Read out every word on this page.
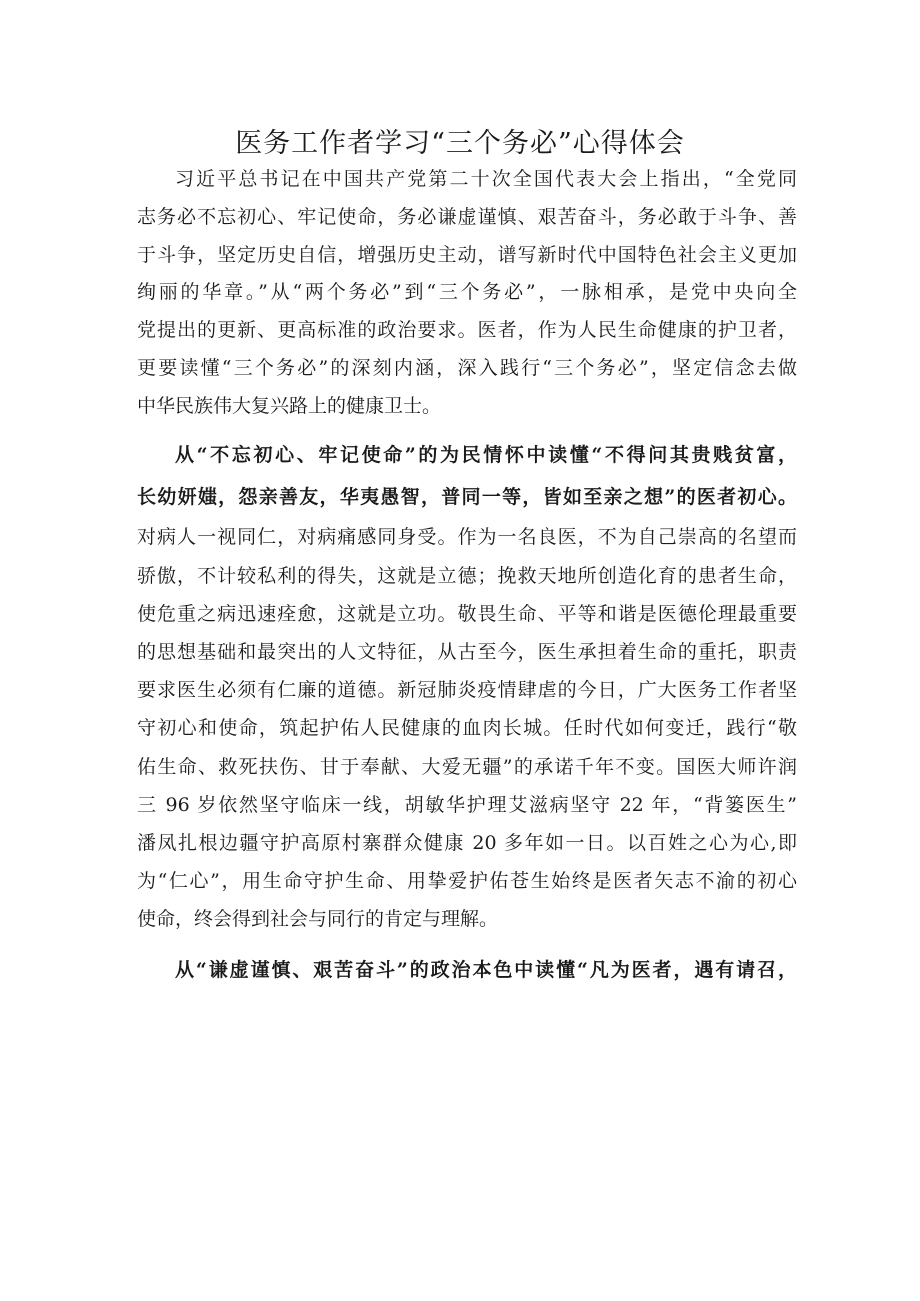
医务工作者学习“三个务必”心得体会
习近平总书记在中国共产党第二十次全国代表大会上指出，“全党同
志务必不忘初心、牢记使命，务必谦虚谨慎、艰苦奋斗，务必敢于斗争、善
于斗争，坚定历史自信，增强历史主动，谱写新时代中国特色社会主义更加
绚丽的华章。”从“两个务必”到“三个务必”，一脉相承，是党中央向全
党提出的更新、更高标准的政治要求。医者，作为人民生命健康的护卫者，
更要读懂“三个务必”的深刻内涵，深入践行“三个务必”，坚定信念去做
中华民族伟大复兴路上的健康卫士。
从“不忘初心、牢记使命”的为民情怀中读懂“不得问其贵贱贫富，
长幼妍媸，怨亲善友，华夷愚智，普同一等，皆如至亲之想”的医者初心。
对病人一视同仁，对病痛感同身受。作为一名良医，不为自己崇高的名望而
骄傲，不计较私利的得失，这就是立德；挽救天地所创造化育的患者生命，
使危重之病迅速痊愈，这就是立功。敬畏生命、平等和谐是医德伦理最重要
的思想基础和最突出的人文特征，从古至今，医生承担着生命的重托，职责
要求医生必须有仁廉的道德。新冠肺炎疫情肆虐的今日，广大医务工作者坚
守初心和使命，筑起护佑人民健康的血肉长城。任时代如何变迁，践行“敬
佑生命、救死扶伤、甘于奉献、大爱无疆”的承诺千年不变。国医大师许润
三 96 岁依然坚守临床一线，胡敏华护理艾滋病坚守 22 年，“背篓医生”
潘凤扎根边疆守护高原村寨群众健康 20 多年如一日。以百姓之心为心,即
为“仁心”，用生命守护生命、用挚爱护佑苍生始终是医者矢志不渝的初心
使命，终会得到社会与同行的肯定与理解。
从“谦虚谨慎、艰苦奋斗”的政治本色中读懂“凡为医者，遇有请召，
